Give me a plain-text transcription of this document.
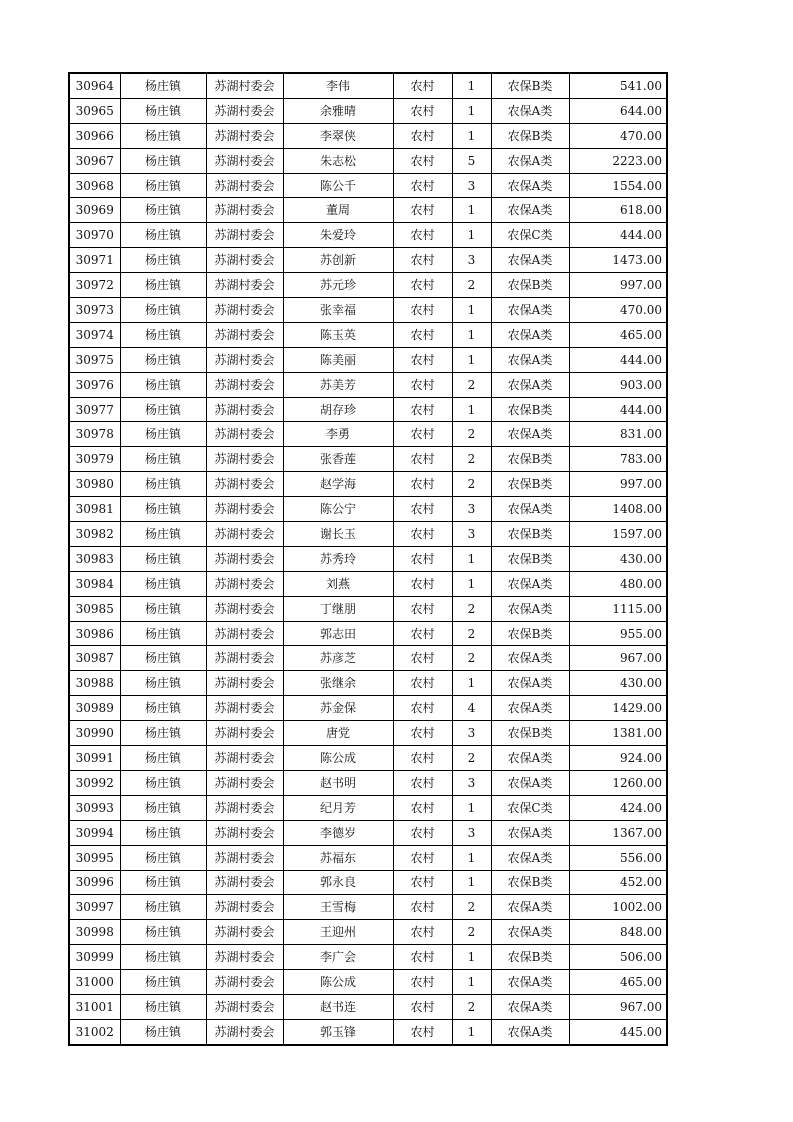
30964	杨庄镇	苏湖村委会	李伟	农村	1	农保B类	541.00
30965	杨庄镇	苏湖村委会	余雅晴	农村	1	农保A类	644.00
30966	杨庄镇	苏湖村委会	李翠侠	农村	1	农保B类	470.00
30967	杨庄镇	苏湖村委会	朱志松	农村	5	农保A类	2223.00
30968	杨庄镇	苏湖村委会	陈公千	农村	3	农保A类	1554.00
30969	杨庄镇	苏湖村委会	董周	农村	1	农保A类	618.00
30970	杨庄镇	苏湖村委会	朱爱玲	农村	1	农保C类	444.00
30971	杨庄镇	苏湖村委会	苏创新	农村	3	农保A类	1473.00
30972	杨庄镇	苏湖村委会	苏元珍	农村	2	农保B类	997.00
30973	杨庄镇	苏湖村委会	张幸福	农村	1	农保A类	470.00
30974	杨庄镇	苏湖村委会	陈玉英	农村	1	农保A类	465.00
30975	杨庄镇	苏湖村委会	陈美丽	农村	1	农保A类	444.00
30976	杨庄镇	苏湖村委会	苏美芳	农村	2	农保A类	903.00
30977	杨庄镇	苏湖村委会	胡存珍	农村	1	农保B类	444.00
30978	杨庄镇	苏湖村委会	李勇	农村	2	农保A类	831.00
30979	杨庄镇	苏湖村委会	张香莲	农村	2	农保B类	783.00
30980	杨庄镇	苏湖村委会	赵学海	农村	2	农保B类	997.00
30981	杨庄镇	苏湖村委会	陈公宁	农村	3	农保A类	1408.00
30982	杨庄镇	苏湖村委会	谢长玉	农村	3	农保B类	1597.00
30983	杨庄镇	苏湖村委会	苏秀玲	农村	1	农保B类	430.00
30984	杨庄镇	苏湖村委会	刘燕	农村	1	农保A类	480.00
30985	杨庄镇	苏湖村委会	丁继朋	农村	2	农保A类	1115.00
30986	杨庄镇	苏湖村委会	郭志田	农村	2	农保B类	955.00
30987	杨庄镇	苏湖村委会	苏彦芝	农村	2	农保A类	967.00
30988	杨庄镇	苏湖村委会	张继余	农村	1	农保A类	430.00
30989	杨庄镇	苏湖村委会	苏金保	农村	4	农保A类	1429.00
30990	杨庄镇	苏湖村委会	唐党	农村	3	农保B类	1381.00
30991	杨庄镇	苏湖村委会	陈公成	农村	2	农保A类	924.00
30992	杨庄镇	苏湖村委会	赵书明	农村	3	农保A类	1260.00
30993	杨庄镇	苏湖村委会	纪月芳	农村	1	农保C类	424.00
30994	杨庄镇	苏湖村委会	李德岁	农村	3	农保A类	1367.00
30995	杨庄镇	苏湖村委会	苏福东	农村	1	农保A类	556.00
30996	杨庄镇	苏湖村委会	郭永良	农村	1	农保B类	452.00
30997	杨庄镇	苏湖村委会	王雪梅	农村	2	农保A类	1002.00
30998	杨庄镇	苏湖村委会	王迎州	农村	2	农保A类	848.00
30999	杨庄镇	苏湖村委会	李广会	农村	1	农保B类	506.00
31000	杨庄镇	苏湖村委会	陈公成	农村	1	农保A类	465.00
31001	杨庄镇	苏湖村委会	赵书连	农村	2	农保A类	967.00
31002	杨庄镇	苏湖村委会	郭玉锋	农村	1	农保A类	445.00
